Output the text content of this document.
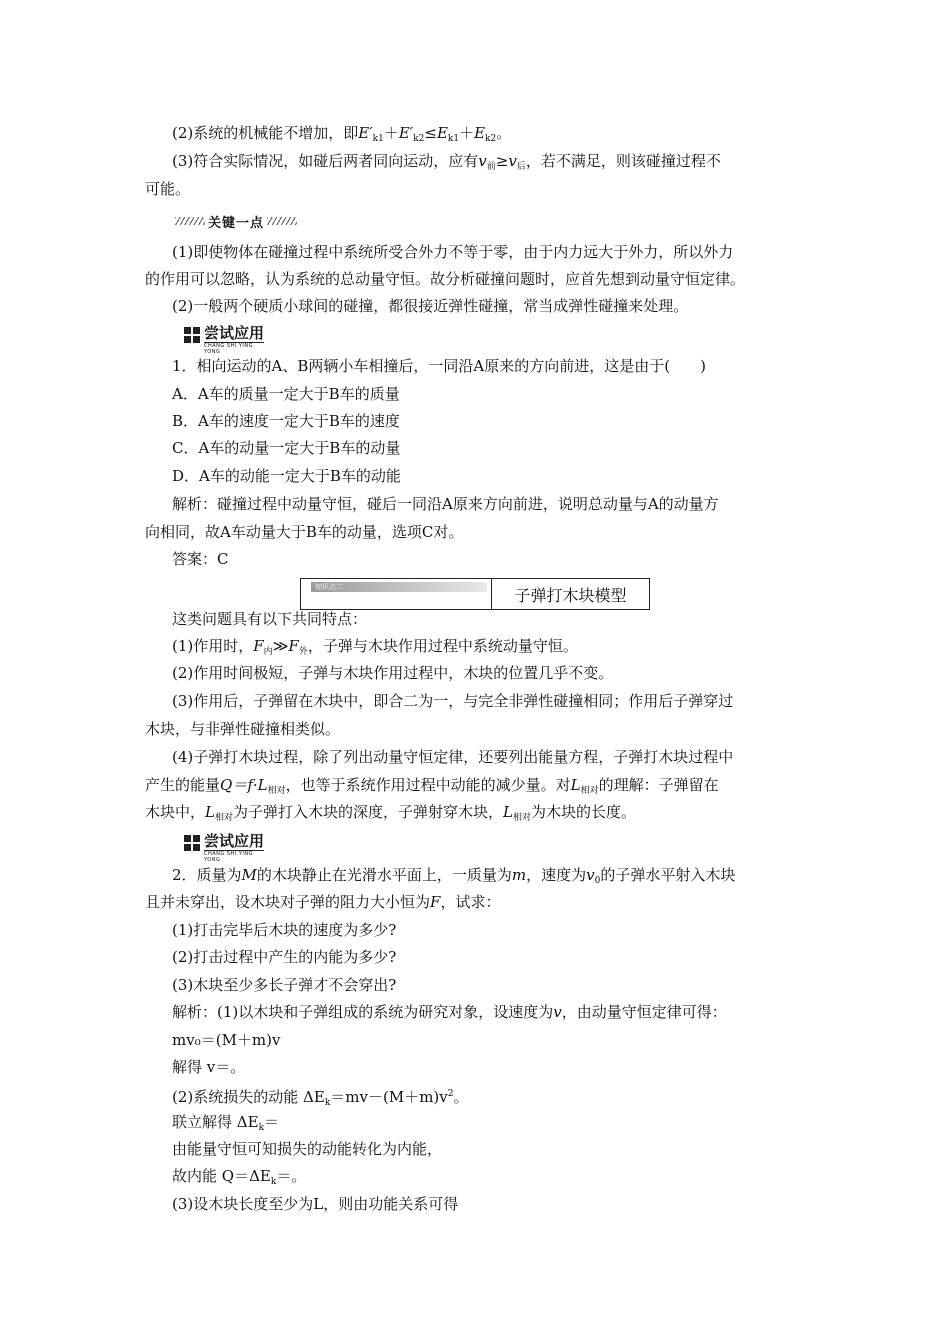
(2)系统的机械能不增加，即$E'_{k1}+E'_{k2}\le E_{k1}+E_{k2}$。
(3)符合实际情况，如碰后两者同向运动，应有$v_前\ge v_后$，若不满足，则该碰撞过程不
可能。
关键一点
(1)即使物体在碰撞过程中系统所受合外力不等于零，由于内力远大于外力，所以外力
的作用可以忽略，认为系统的总动量守恒。故分析碰撞问题时，应首先想到动量守恒定律。
(2)一般两个硬质小球间的碰撞，都很接近弹性碰撞，常当成弹性碰撞来处理。
尝试应用
CHANG SHI YING YONG
1．相向运动的A、B两辆小车相撞后，一同沿A原来的方向前进，这是由于(　　)
A．A车的质量一定大于B车的质量
B．A车的速度一定大于B车的速度
C．A车的动量一定大于B车的动量
D．A车的动能一定大于B车的动能
解析：碰撞过程中动量守恒，碰后一同沿A原来方向前进，说明总动量与A的动量方
向相同，故A车动量大于B车的动量，选项C对。
答案：C
知识点二	子弹打木块模型
这类问题具有以下共同特点：
(1)作用时，$F_内≫F_外$，子弹与木块作用过程中系统动量守恒。
(2)作用时间极短，子弹与木块作用过程中，木块的位置几乎不变。
(3)作用后，子弹留在木块中，即合二为一，与完全非弹性碰撞相同；作用后子弹穿过
木块，与非弹性碰撞相类似。
(4)子弹打木块过程，除了列出动量守恒定律，还要列出能量方程，子弹打木块过程中
产生的能量$Q=f\cdot L_{相对}$，也等于系统作用过程中动能的减少量。对$L_{相对}$的理解：子弹留在
木块中，$L_{相对}$为子弹打入木块的深度，子弹射穿木块，$L_{相对}$为木块的长度。
尝试应用
CHANG SHI YING YONG
2．质量为M的木块静止在光滑水平面上，一质量为m，速度为$v_0$的子弹水平射入木块
且并未穿出，设木块对子弹的阻力大小恒为F，试求：
(1)打击完毕后木块的速度为多少?
(2)打击过程中产生的内能为多少?
(3)木块至少多长子弹才不会穿出?
解析：(1)以木块和子弹组成的系统为研究对象，设速度为v，由动量守恒定律可得：
mv₀＝(M＋m)v
解得 v＝。
(2)系统损失的动能 $\Delta E_k=mv-(M+m)v^2$。
联立解得 $\Delta E_k=$
由能量守恒可知损失的动能转化为内能，
故内能 $Q=\Delta E_k=$。
(3)设木块长度至少为L，则由功能关系可得
